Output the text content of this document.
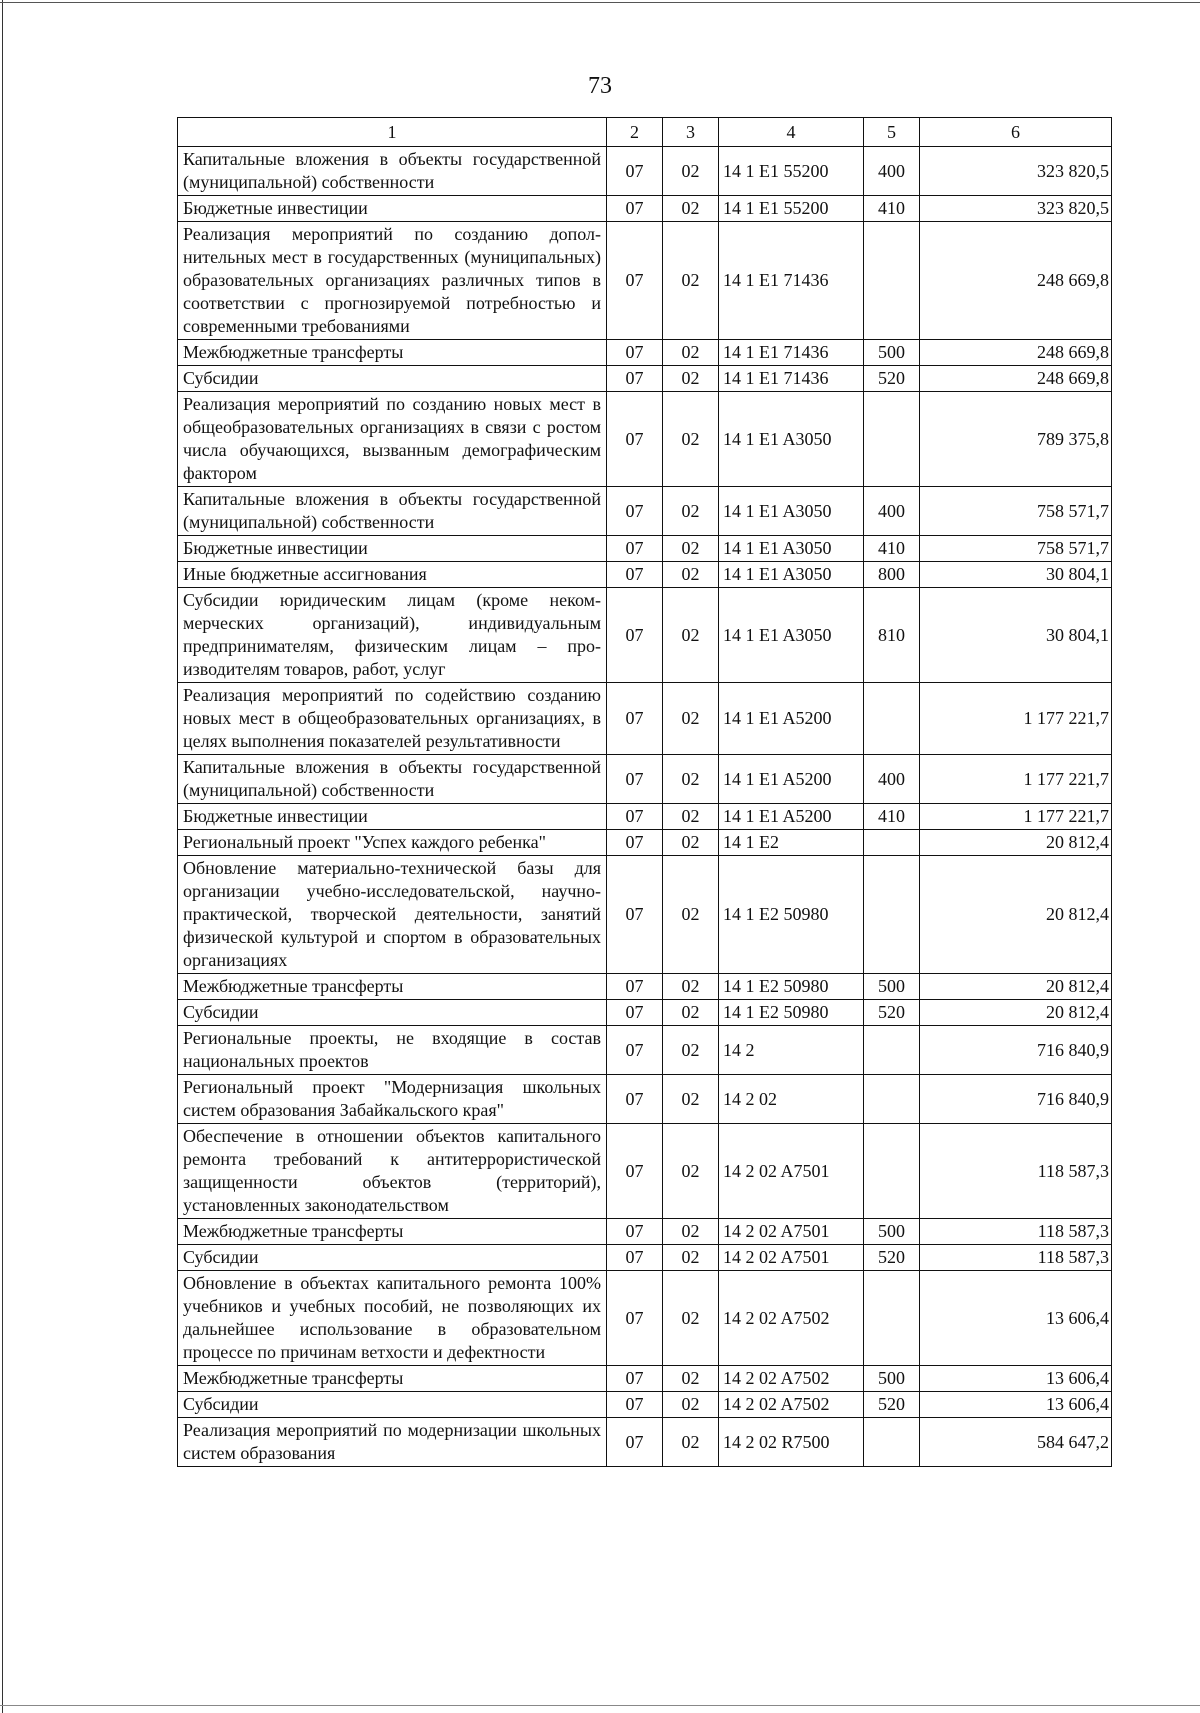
73
1	2	3	4	5	6
Капитальные вложения в объекты государственной (муниципальной) собственности	07	02	14 1 E1 55200	400	323 820,5
Бюджетные инвестиции	07	02	14 1 E1 55200	410	323 820,5
Реализация мероприятий по созданию дополнительных мест в государственных (муниципальных) образовательных организациях различных типов в соответствии с прогнозируемой потребностью и современными требованиями	07	02	14 1 E1 71436		248 669,8
Межбюджетные трансферты	07	02	14 1 E1 71436	500	248 669,8
Субсидии	07	02	14 1 E1 71436	520	248 669,8
Реализация мероприятий по созданию новых мест в общеобразовательных организациях в связи с ростом числа обучающихся, вызванным демографическим фактором	07	02	14 1 E1 A3050		789 375,8
Капитальные вложения в объекты государственной (муниципальной) собственности	07	02	14 1 E1 A3050	400	758 571,7
Бюджетные инвестиции	07	02	14 1 E1 A3050	410	758 571,7
Иные бюджетные ассигнования	07	02	14 1 E1 A3050	800	30 804,1
Субсидии юридическим лицам (кроме некоммерческих организаций), индивидуальным предпринимателям, физическим лицам – производителям товаров, работ, услуг	07	02	14 1 E1 A3050	810	30 804,1
Реализация мероприятий по содействию созданию новых мест в общеобразовательных организациях, в целях выполнения показателей результативности	07	02	14 1 E1 A5200		1 177 221,7
Капитальные вложения в объекты государственной (муниципальной) собственности	07	02	14 1 E1 A5200	400	1 177 221,7
Бюджетные инвестиции	07	02	14 1 E1 A5200	410	1 177 221,7
Региональный проект "Успех каждого ребенка"	07	02	14 1 E2		20 812,4
Обновление материально-технической базы для организации учебно-исследовательской, научно-практической, творческой деятельности, занятий физической культурой и спортом в образовательных организациях	07	02	14 1 E2 50980		20 812,4
Межбюджетные трансферты	07	02	14 1 E2 50980	500	20 812,4
Субсидии	07	02	14 1 E2 50980	520	20 812,4
Региональные проекты, не входящие в состав национальных проектов	07	02	14 2		716 840,9
Региональный проект "Модернизация школьных систем образования Забайкальского края"	07	02	14 2 02		716 840,9
Обеспечение в отношении объектов капитального ремонта требований к антитеррористической защищенности объектов (территорий), установленных законодательством	07	02	14 2 02 A7501		118 587,3
Межбюджетные трансферты	07	02	14 2 02 A7501	500	118 587,3
Субсидии	07	02	14 2 02 A7501	520	118 587,3
Обновление в объектах капитального ремонта 100% учебников и учебных пособий, не позволяющих их дальнейшее использование в образовательном процессе по причинам ветхости и дефектности	07	02	14 2 02 A7502		13 606,4
Межбюджетные трансферты	07	02	14 2 02 A7502	500	13 606,4
Субсидии	07	02	14 2 02 A7502	520	13 606,4
Реализация мероприятий по модернизации школьных систем образования	07	02	14 2 02 R7500		584 647,2
